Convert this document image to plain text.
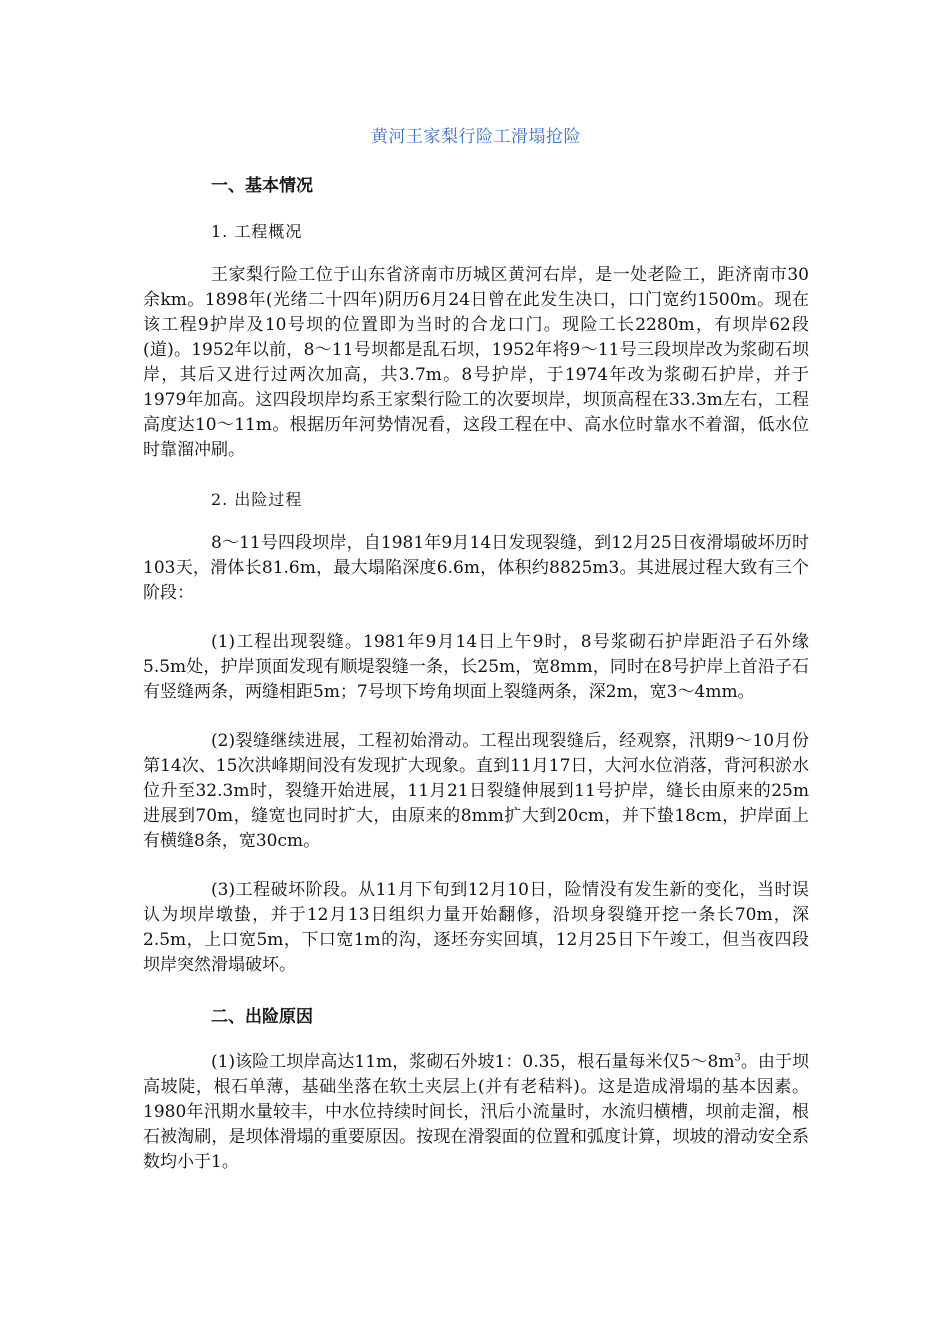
黄河王家梨行险工滑塌抢险
一、基本情况
1. 工程概况

王家梨行险工位于山东省济南市历城区黄河右岸，是一处老险工，距济南市30余km。1898年(光绪二十四年)阴历6月24日曾在此发生决口，口门宽约1500m。现在该工程9护岸及10号坝的位置即为当时的合龙口门。现险工长2280m，有坝岸62段(道)。1952年以前，8～11号坝都是乱石坝，1952年将9～11号三段坝岸改为浆砌石坝岸，其后又进行过两次加高，共3.7m。8号护岸，于1974年改为浆砌石护岸，并于1979年加高。这四段坝岸均系王家梨行险工的次要坝岸，坝顶高程在33.3m左右，工程高度达10～11m。根据历年河势情况看，这段工程在中、高水位时靠水不着溜，低水位时靠溜冲刷。

2. 出险过程

8～11号四段坝岸，自1981年9月14日发现裂缝，到12月25日夜滑塌破坏历时103天，滑体长81.6m，最大塌陷深度6.6m，体积约8825m3。其进展过程大致有三个阶段：

(1)工程出现裂缝。1981年9月14日上午9时，8号浆砌石护岸距沿子石外缘5.5m处，护岸顶面发现有顺堤裂缝一条，长25m，宽8mm，同时在8号护岸上首沿子石有竖缝两条，两缝相距5m；7号坝下垮角坝面上裂缝两条，深2m，宽3～4mm。

(2)裂缝继续进展，工程初始滑动。工程出现裂缝后，经观察，汛期9～10月份第14次、15次洪峰期间没有发现扩大现象。直到11月17日，大河水位消落，背河积淤水位升至32.3m时，裂缝开始进展，11月21日裂缝伸展到11号护岸，缝长由原来的25m进展到70m，缝宽也同时扩大，由原来的8mm扩大到20cm，并下蛰18cm，护岸面上有横缝8条，宽30cm。

(3)工程破坏阶段。从11月下旬到12月10日，险情没有发生新的变化，当时误认为坝岸墩蛰，并于12月13日组织力量开始翻修，沿坝身裂缝开挖一条长70m，深2.5m，上口宽5m，下口宽1m的沟，逐坯夯实回填，12月25日下午竣工，但当夜四段坝岸突然滑塌破坏。

二、出险原因

(1)该险工坝岸高达11m，浆砌石外坡1：0.35，根石量每米仅$5\sim 8m^3$。由于坝高坡陡，根石单薄，基础坐落在软土夹层上(并有老秸料)。这是造成滑塌的基本因素。1980年汛期水量较丰，中水位持续时间长，汛后小流量时，水流归横槽，坝前走溜，根石被淘刷，是坝体滑塌的重要原因。按现在滑裂面的位置和弧度计算，坝坡的滑动安全系数均小于1。
